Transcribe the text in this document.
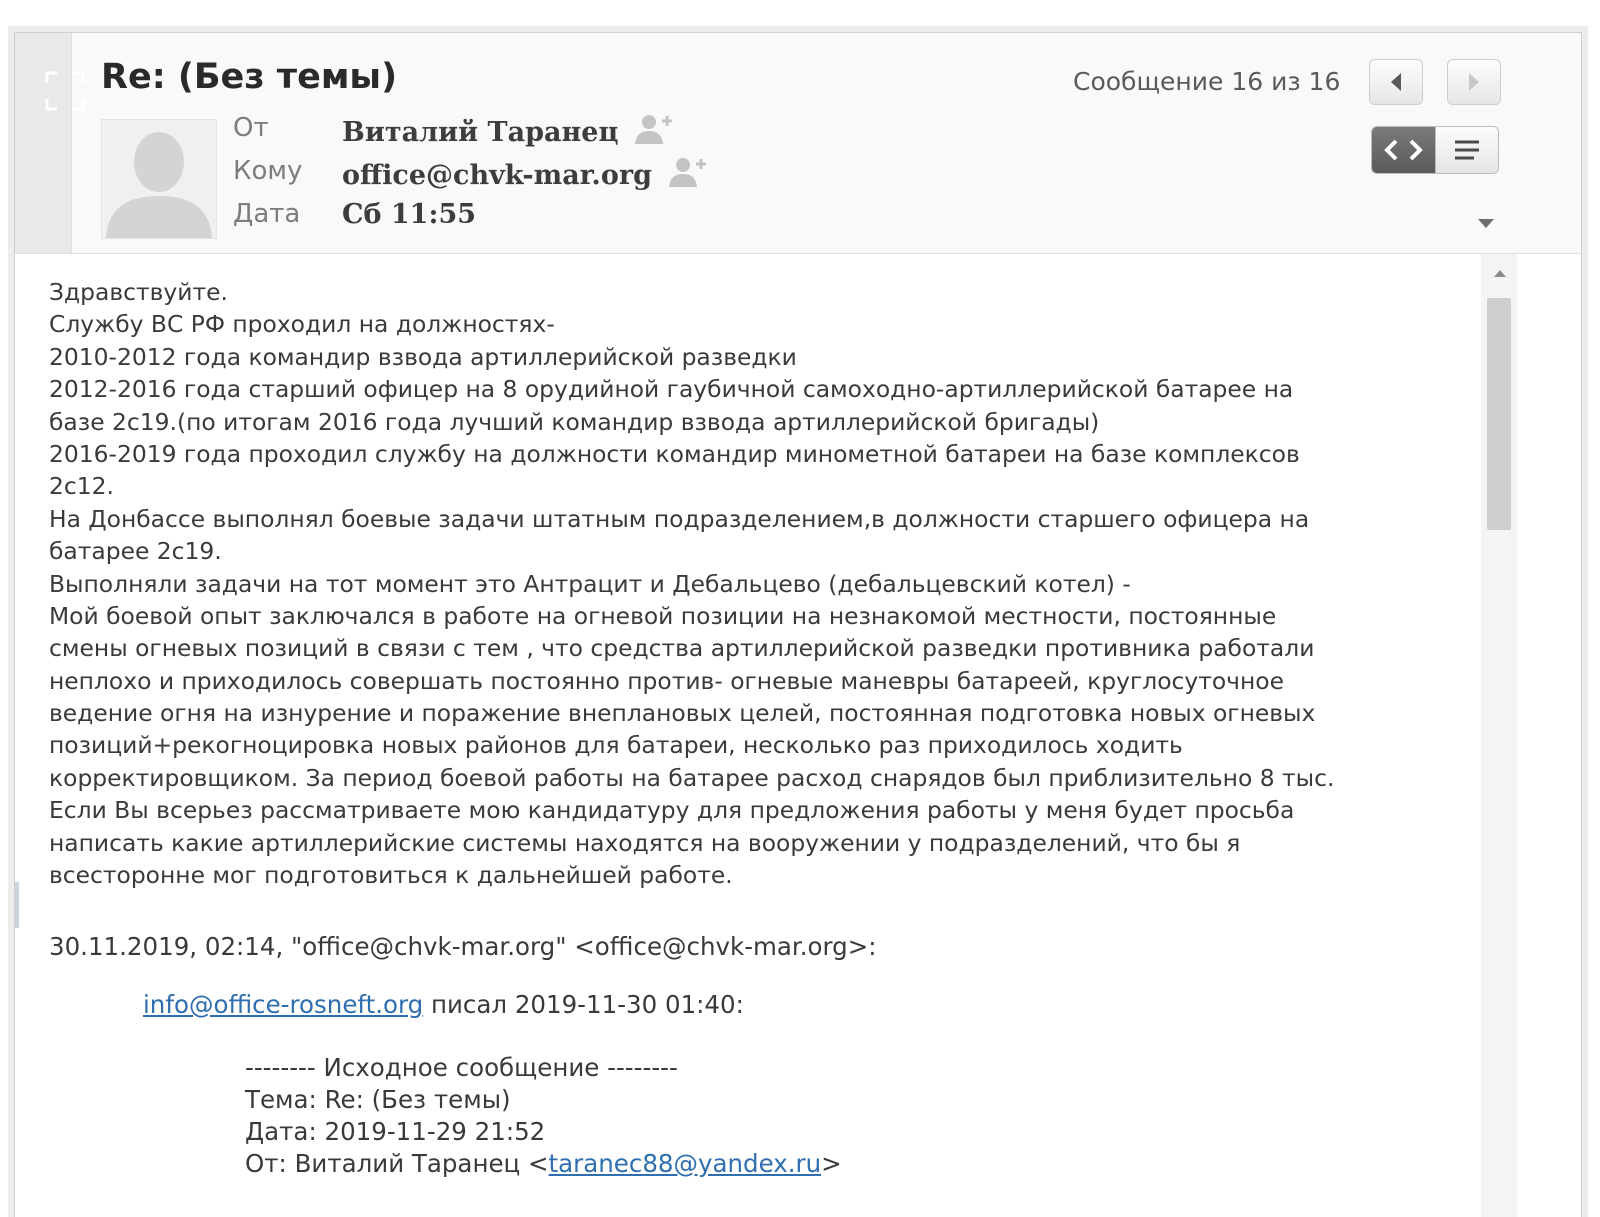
Re: (Без темы)
От	Виталий Таранец
Кому	office@chvk-mar.org
Дата	Сб 11:55
Сообщение 16 из 16
Здравствуйте.
Службу ВС РФ проходил на должностях-
2010-2012 года командир взвода артиллерийской разведки
2012-2016 года старший офицер на 8 орудийной гаубичной самоходно-артиллерийской батарее на
базе 2с19.(по итогам 2016 года лучший командир взвода артиллерийской бригады)
2016-2019 года проходил службу на должности командир минометной батареи на базе комплексов
2с12.
На Донбассе выполнял боевые задачи штатным подразделением,в должности старшего офицера на
батарее 2с19.
Выполняли задачи на тот момент это Антрацит и Дебальцево (дебальцевский котел) -
Мой боевой опыт заключался в работе на огневой позиции на незнакомой местности, постоянные
смены огневых позиций в связи с тем , что средства артиллерийской разведки противника работали
неплохо и приходилось совершать постоянно против- огневые маневры батареей, круглосуточное
ведение огня на изнурение и поражение внеплановых целей, постоянная подготовка новых огневых
позиций+рекогноцировка новых районов для батареи, несколько раз приходилось ходить
корректировщиком. За период боевой работы на батарее расход снарядов был приблизительно 8 тыс.
Если Вы всерьез рассматриваете мою кандидатуру для предложения работы у меня будет просьба
написать какие артиллерийские системы находятся на вооружении у подразделений, что бы я
всесторонне мог подготовиться к дальнейшей работе.
30.11.2019, 02:14, "office@chvk-mar.org" <office@chvk-mar.org>:
info@office-rosneft.org писал 2019-11-30 01:40:
-------- Исходное сообщение --------
Тема: Re: (Без темы)
Дата: 2019-11-29 21:52
От: Виталий Таранец <taranec88@yandex.ru>
